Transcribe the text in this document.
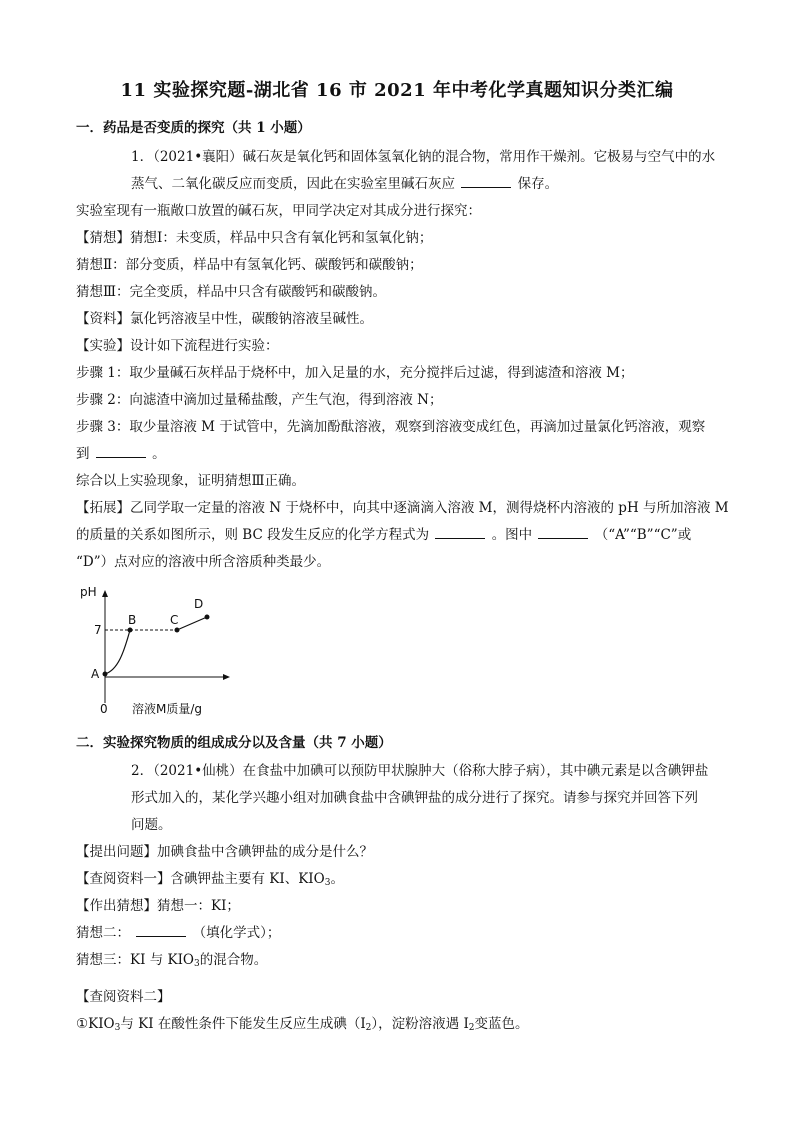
11 实验探究题-湖北省 16 市 2021 年中考化学真题知识分类汇编
一．药品是否变质的探究（共 1 小题）
1．（2021•襄阳）碱石灰是氧化钙和固体氢氧化钠的混合物，常用作干燥剂。它极易与空气中的水
蒸气、二氧化碳反应而变质，因此在实验室里碱石灰应	保存。
实验室现有一瓶敞口放置的碱石灰，甲同学决定对其成分进行探究：
【猜想】猜想Ⅰ：未变质，样品中只含有氧化钙和氢氧化钠；
猜想Ⅱ：部分变质，样品中有氢氧化钙、碳酸钙和碳酸钠；
猜想Ⅲ：完全变质，样品中只含有碳酸钙和碳酸钠。
【资料】氯化钙溶液呈中性，碳酸钠溶液呈碱性。
【实验】设计如下流程进行实验：
步骤 1：取少量碱石灰样品于烧杯中，加入足量的水，充分搅拌后过滤，得到滤渣和溶液 M；
步骤 2：向滤渣中滴加过量稀盐酸，产生气泡，得到溶液 N；
步骤 3：取少量溶液 M 于试管中，先滴加酚酞溶液，观察到溶液变成红色，再滴加过量氯化钙溶液，观察
到	。
综合以上实验现象，证明猜想Ⅲ正确。
【拓展】乙同学取一定量的溶液 N 于烧杯中，向其中逐滴滴入溶液 M，测得烧杯内溶液的 pH 与所加溶液 M
的质量的关系如图所示，则 BC 段发生反应的化学方程式为	。图中	（“A”“B”“C”或
“D”）点对应的溶液中所含溶质种类最少。
pH
7
A
B	C
D
0 溶液M质量/g
二．实验探究物质的组成成分以及含量（共 7 小题）
2．（2021•仙桃）在食盐中加碘可以预防甲状腺肿大（俗称大脖子病），其中碘元素是以含碘钾盐
形式加入的，某化学兴趣小组对加碘食盐中含碘钾盐的成分进行了探究。请参与探究并回答下列
问题。
【提出问题】加碘食盐中含碘钾盐的成分是什么？
【查阅资料一】含碘钾盐主要有 KI、$KIO_3$。
【作出猜想】猜想一：KI；
猜想二：	（填化学式）；
猜想三：KI 与 $KIO_3$的混合物。
【查阅资料二】
$①KIO_3$与 KI 在酸性条件下能发生反应生成碘$(I_2)$，淀粉溶液遇 $I_2$变蓝色。
